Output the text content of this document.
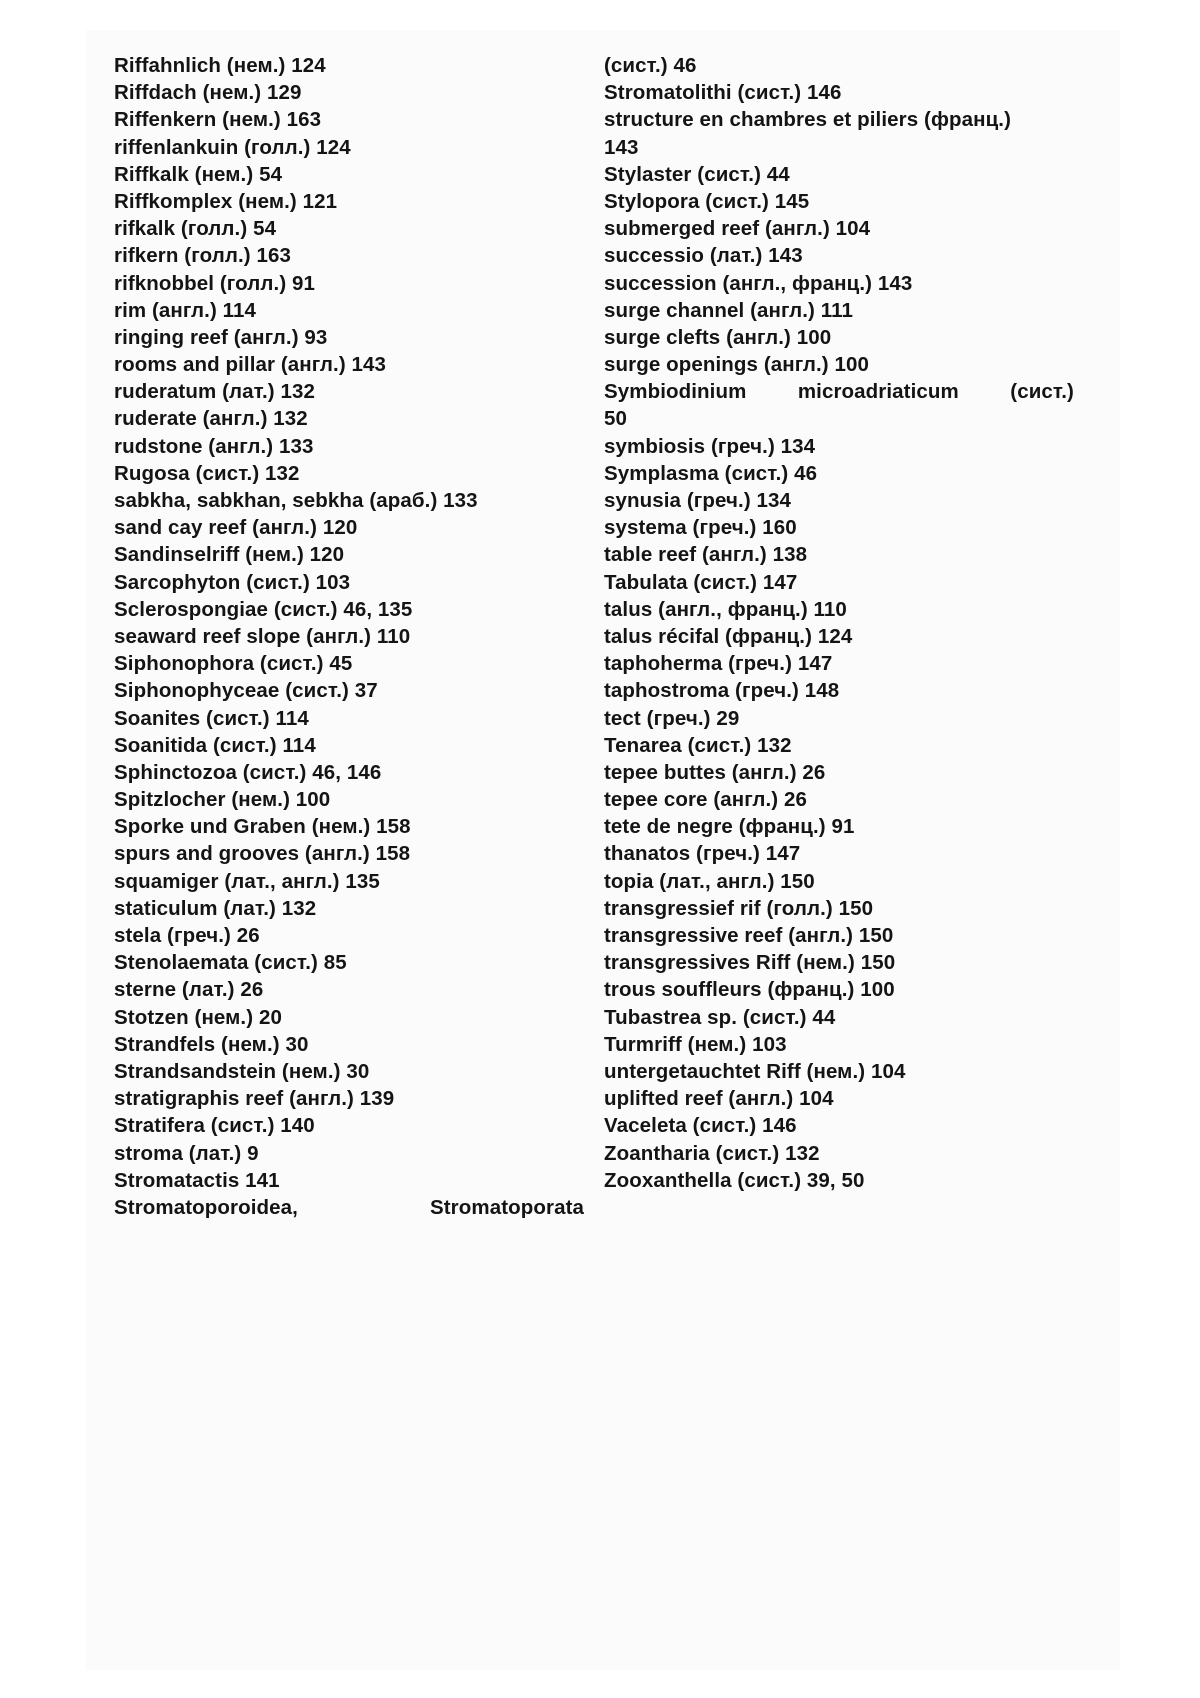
Riffahnlich (нем.) 124
Riffdach (нем.) 129
Riffenkern (нем.) 163
riffenlankuin (голл.) 124
Riffkalk (нем.) 54
Riffkomplex (нем.) 121
rifkalk (голл.) 54
rifkern (голл.) 163
rifknobbel (голл.) 91
rim (англ.) 114
ringing reef (англ.) 93
rooms and pillar (англ.) 143
ruderatum (лат.) 132
ruderate (англ.) 132
rudstone (англ.) 133
Rugosa (сист.) 132
sabkha, sabkhan, sebkha (араб.) 133
sand cay reef (англ.) 120
Sandinselriff (нем.) 120
Sarcophyton (сист.) 103
Sclerospongiae (сист.) 46, 135
seaward reef slope (англ.) 110
Siphonophora (сист.) 45
Siphonophyceae (сист.) 37
Soanites (сист.) 114
Soanitida (сист.) 114
Sphinctozoa (сист.) 46, 146
Spitzlocher (нем.) 100
Sporke und Graben (нем.) 158
spurs and grooves (англ.) 158
squamiger (лат., англ.) 135
staticulum (лат.) 132
stela (греч.) 26
Stenolaemata (сист.) 85
sterne (лат.) 26
Stotzen (нем.) 20
Strandfels (нем.) 30
Strandsandstein (нем.) 30
stratigraphis reef (англ.) 139
Stratifera (сист.) 140
stroma (лат.) 9
Stromatactis 141
Stromatoporoidea,	Stromatoporata
(сист.) 46
Stromatolithi (сист.) 146
structure en chambres et piliers (франц.)
143
Stylaster (сист.) 44
Stylopora (сист.) 145
submerged reef (англ.) 104
successio (лат.) 143
succession (англ., франц.) 143
surge channel (англ.) 111
surge clefts (англ.) 100
surge openings (англ.) 100
Symbiodinium	microadriaticum	(сист.)
50
symbiosis (греч.) 134
Symplasma (сист.) 46
synusia (греч.) 134
systema (греч.) 160
table reef (англ.) 138
Tabulata (сист.) 147
talus (англ., франц.) 110
talus récifal (франц.) 124
taphoherma (греч.) 147
taphostroma (греч.) 148
tect (греч.) 29
Tenarea (сист.) 132
tepee buttes (англ.) 26
tepee core (англ.) 26
tete de negre (франц.) 91
thanatos (греч.) 147
topia (лат., англ.) 150
transgressief rif (голл.) 150
transgressive reef (англ.) 150
transgressives Riff (нем.) 150
trous souffleurs (франц.) 100
Tubastrea sp. (сист.) 44
Turmriff (нем.) 103
untergetauchtet Riff (нем.) 104
uplifted reef (англ.) 104
Vaceleta (сист.) 146
Zoantharia (сист.) 132
Zooxanthella (сист.) 39, 50
